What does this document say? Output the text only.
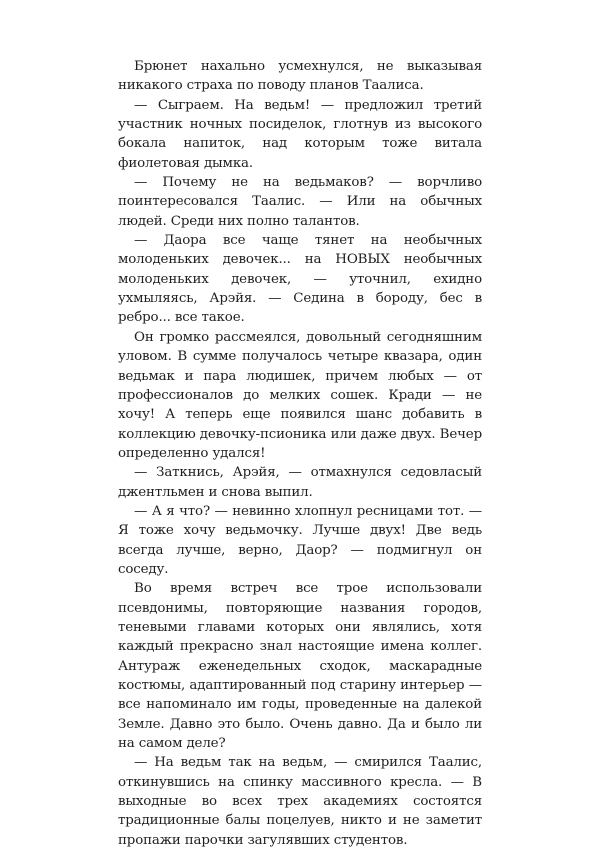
Брюнет нахально усмехнулся, не выказывая никакого страха по поводу планов Таалиса.

— Сыграем. На ведьм! — предложил третий участник ночных посиделок, глотнув из высокого бокала напиток, над которым тоже витала фиолетовая дымка.

— Почему не на ведьмаков? — ворчливо поинтересовался Таалис. — Или на обычных людей. Среди них полно талантов.

— Даора все чаще тянет на необычных молоденьких девочек... на НОВЫХ необычных молоденьких девочек, — уточнил, ехидно ухмыляясь, Арэйя. — Седина в бороду, бес в ребро... все такое.

Он громко рассмеялся, довольный сегодняшним уловом. В сумме получалось четыре квазара, один ведьмак и пара людишек, причем любых — от профессионалов до мелких сошек. Кради — не хочу! А теперь еще появился шанс добавить в коллекцию девочку-псионика или даже двух. Вечер определенно удался!

— Заткнись, Арэйя, — отмахнулся седовласый джентльмен и снова выпил.

— А я что? — невинно хлопнул ресницами тот. — Я тоже хочу ведьмочку. Лучше двух! Две ведь всегда лучше, верно, Даор? — подмигнул он соседу.

Во время встреч все трое использовали псевдонимы, повторяющие названия городов, теневыми главами которых они являлись, хотя каждый прекрасно знал настоящие имена коллег. Антураж еженедельных сходок, маскарадные костюмы, адаптированный под старину интерьер — все напоминало им годы, проведенные на далекой Земле. Давно это было. Очень давно. Да и было ли на самом деле?

— На ведьм так на ведьм, — смирился Таалис, откинувшись на спинку массивного кресла. — В выходные во всех трех академиях состоятся традиционные балы поцелуев, никто и не заметит пропажи парочки загулявших студентов.
